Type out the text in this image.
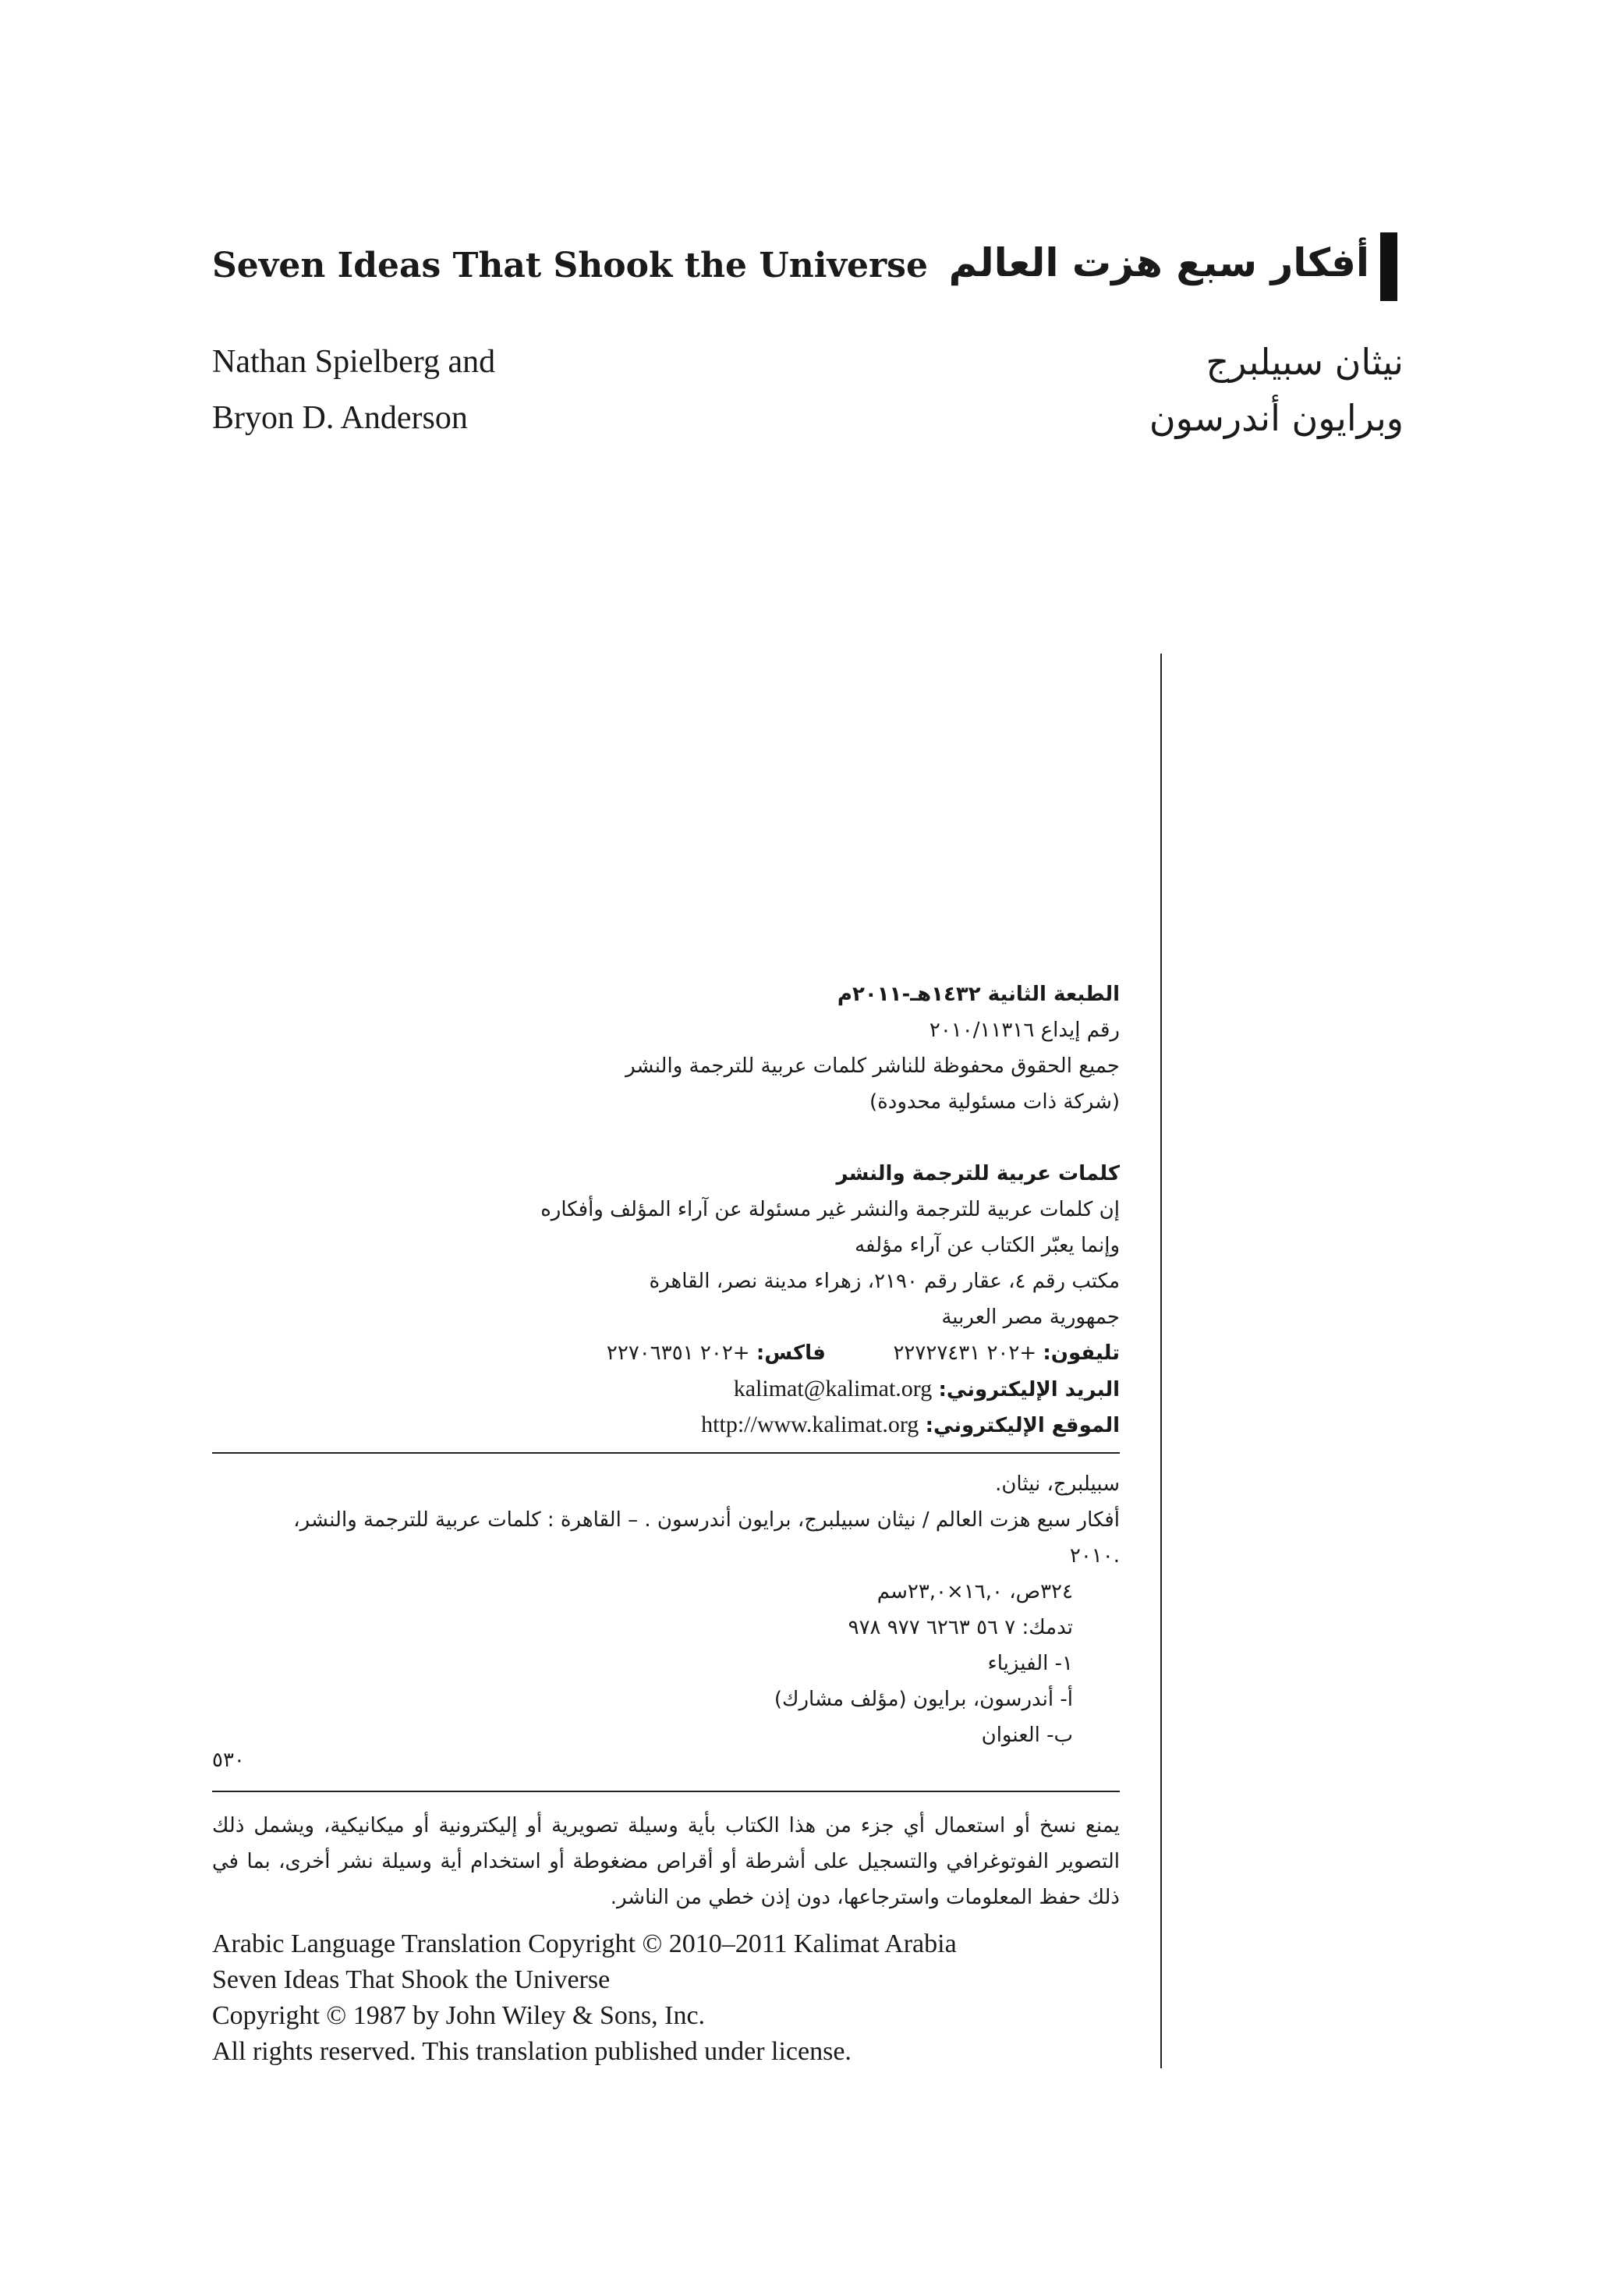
Seven Ideas That Shook the Universe
Nathan Spielberg and
Bryon D. Anderson
أفكار سبع هزت العالم
نيثان سبيلبرج
وبرايون أندرسون
الطبعة الثانية ١٤٣٢هـ-٢٠١١م
رقم إيداع ٢٠١٠/١١٣١٦
جميع الحقوق محفوظة للناشر كلمات عربية للترجمة والنشر
(شركة ذات مسئولية محدودة)
كلمات عربية للترجمة والنشر
إن كلمات عربية للترجمة والنشر غير مسئولة عن آراء المؤلف وأفكاره
وإنما يعبّر الكتاب عن آراء مؤلفه
مكتب رقم ٤، عقار رقم ٢١٩٠، زهراء مدينة نصر، القاهرة
جمهورية مصر العربية
تليفون: +٢٠٢ ٢٢٧٢٧٤٣١  فاكس: +٢٠٢ ٢٢٧٠٦٣٥١
البريد الإليكتروني: kalimat@kalimat.org
الموقع الإليكتروني: http://www.kalimat.org
سبيلبرج، نيثان.
أفكار سبع هزت العالم / نيثان سبيلبرج، برايون أندرسون . – القاهرة : كلمات عربية للترجمة والنشر،
.٢٠١٠
٣٢٤ص، ١٦,٠×٢٣,٠سم
تدمك: ٧ ٥٦ ٦٢٦٣ ٩٧٧ ٩٧٨
١- الفيزياء
أ- أندرسون، برايون (مؤلف مشارك)
ب- العنوان
٥٣٠
يمنع نسخ أو استعمال أي جزء من هذا الكتاب بأية وسيلة تصويرية أو إليكترونية أو ميكانيكية، ويشمل ذلك التصوير الفوتوغرافي والتسجيل على أشرطة أو أقراص مضغوطة أو استخدام أية وسيلة نشر أخرى، بما في ذلك حفظ المعلومات واسترجاعها، دون إذن خطي من الناشر.
Arabic Language Translation Copyright © 2010–2011 Kalimat Arabia
Seven Ideas That Shook the Universe
Copyright © 1987 by John Wiley & Sons, Inc.
All rights reserved. This translation published under license.
